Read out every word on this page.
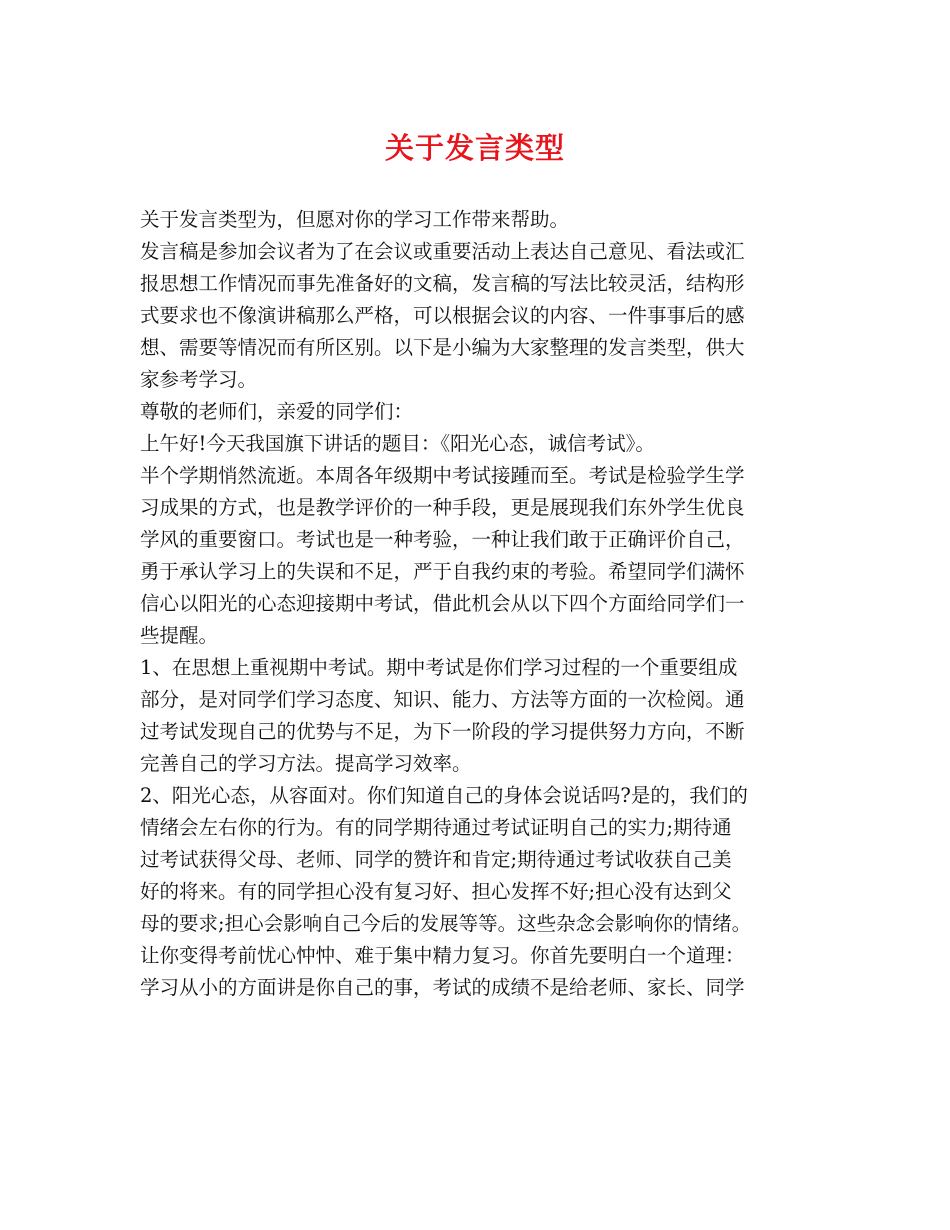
关于发言类型
关于发言类型为，但愿对你的学习工作带来帮助。
发言稿是参加会议者为了在会议或重要活动上表达自己意见、看法或汇
报思想工作情况而事先准备好的文稿，发言稿的写法比较灵活，结构形
式要求也不像演讲稿那么严格，可以根据会议的内容、一件事事后的感
想、需要等情况而有所区别。以下是小编为大家整理的发言类型，供大
家参考学习。
尊敬的老师们，亲爱的同学们：
上午好!今天我国旗下讲话的题目：《阳光心态，诚信考试》。
半个学期悄然流逝。本周各年级期中考试接踵而至。考试是检验学生学
习成果的方式，也是教学评价的一种手段，更是展现我们东外学生优良
学风的重要窗口。考试也是一种考验，一种让我们敢于正确评价自己，
勇于承认学习上的失误和不足，严于自我约束的考验。希望同学们满怀
信心以阳光的心态迎接期中考试，借此机会从以下四个方面给同学们一
些提醒。
1、在思想上重视期中考试。期中考试是你们学习过程的一个重要组成
部分，是对同学们学习态度、知识、能力、方法等方面的一次检阅。通
过考试发现自己的优势与不足，为下一阶段的学习提供努力方向，不断
完善自己的学习方法。提高学习效率。
2、阳光心态，从容面对。你们知道自己的身体会说话吗?是的，我们的
情绪会左右你的行为。有的同学期待通过考试证明自己的实力;期待通
过考试获得父母、老师、同学的赞许和肯定;期待通过考试收获自己美
好的将来。有的同学担心没有复习好、担心发挥不好;担心没有达到父
母的要求;担心会影响自己今后的发展等等。这些杂念会影响你的情绪。
让你变得考前忧心忡忡、难于集中精力复习。你首先要明白一个道理：
学习从小的方面讲是你自己的事，考试的成绩不是给老师、家长、同学
